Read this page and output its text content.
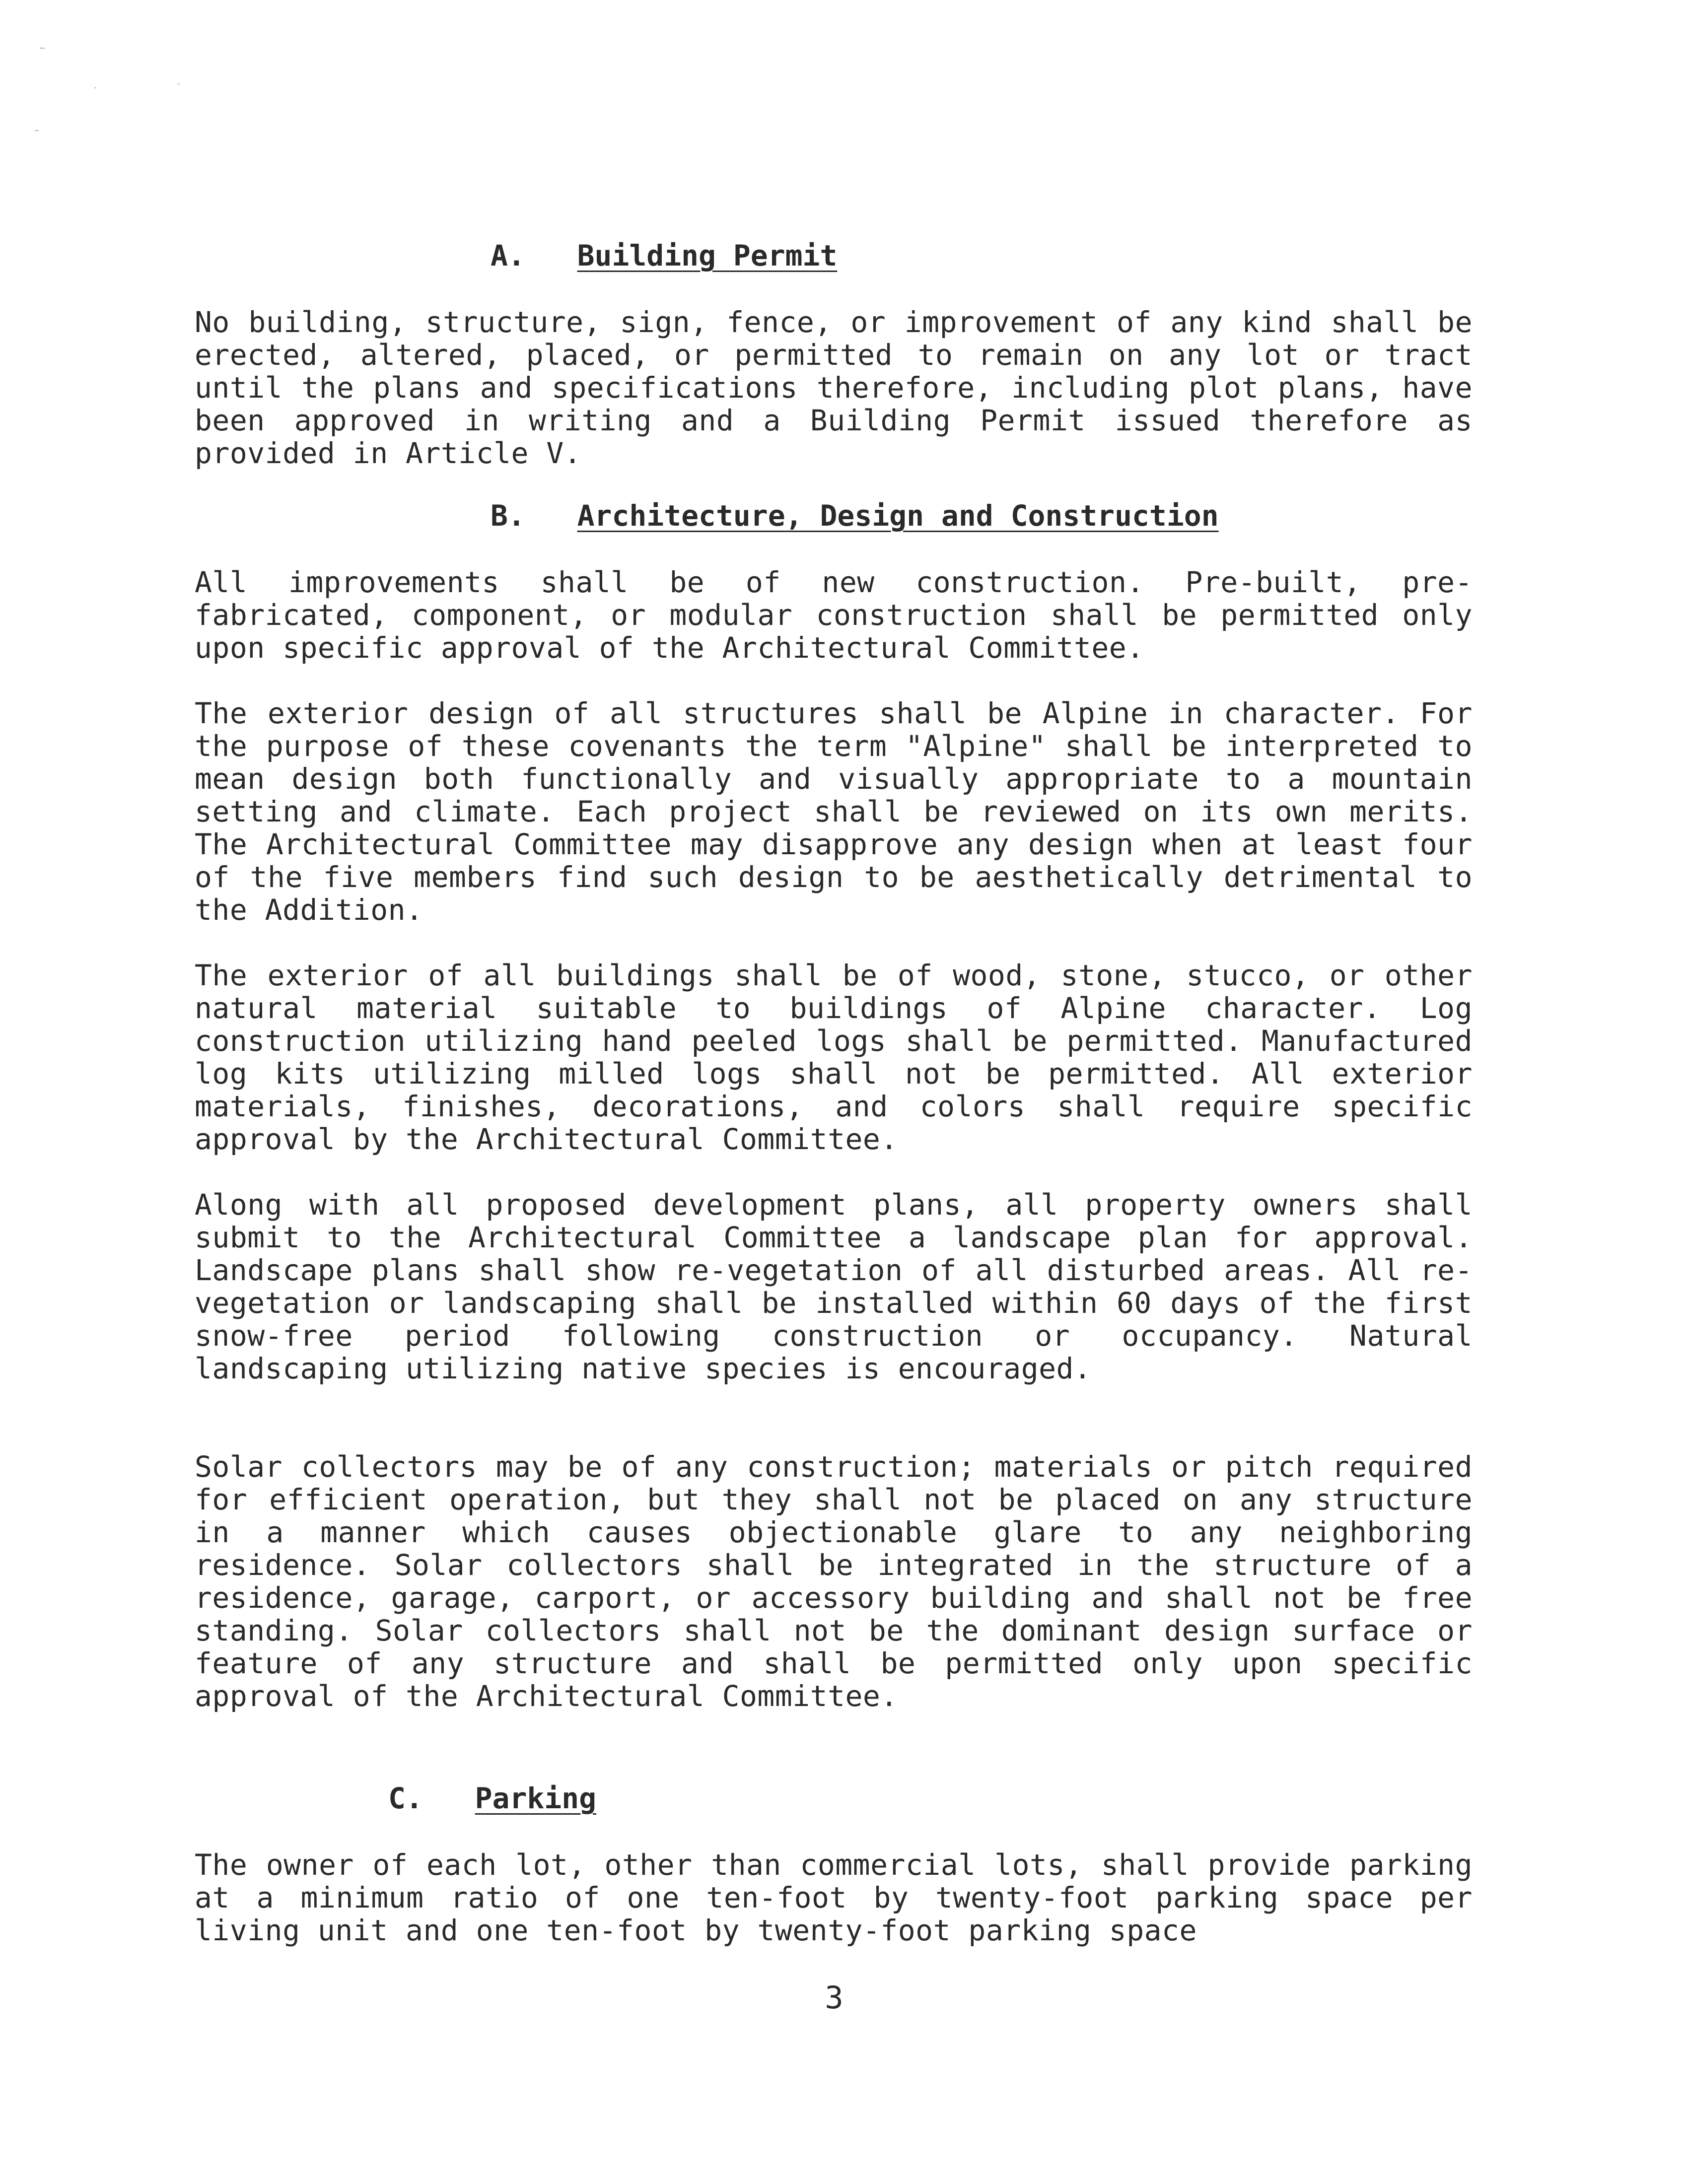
A. Building Permit

No building, structure, sign, fence, or improvement of any kind shall be erected, altered, placed, or permitted to remain on any lot or tract until the plans and specifications therefore, including plot plans, have been approved in writing and a Building Permit issued therefore as provided in Article V.

B. Architecture, Design and Construction

All improvements shall be of new construction. Pre-built, pre-fabricated, component, or modular construction shall be permitted only upon specific approval of the Architectural Committee.

The exterior design of all structures shall be Alpine in character. For the purpose of these covenants the term "Alpine" shall be interpreted to mean design both functionally and visually appropriate to a mountain setting and climate. Each project shall be reviewed on its own merits. The Architectural Committee may disapprove any design when at least four of the five members find such design to be aesthetically detrimental to the Addition.

The exterior of all buildings shall be of wood, stone, stucco, or other natural material suitable to buildings of Alpine character. Log construction utilizing hand peeled logs shall be permitted. Manufactured log kits utilizing milled logs shall not be permitted. All exterior materials, finishes, decorations, and colors shall require specific approval by the Architectural Committee.

Along with all proposed development plans, all property owners shall submit to the Architectural Committee a landscape plan for approval. Landscape plans shall show re-vegetation of all disturbed areas. All re-vegetation or landscaping shall be installed within 60 days of the first snow-free period following construction or occupancy. Natural landscaping utilizing native species is encouraged.

Solar collectors may be of any construction; materials or pitch required for efficient operation, but they shall not be placed on any structure in a manner which causes objectionable glare to any neighboring residence. Solar collectors shall be integrated in the structure of a residence, garage, carport, or accessory building and shall not be free standing. Solar collectors shall not be the dominant design surface or feature of any structure and shall be permitted only upon specific approval of the Architectural Committee.

C. Parking

The owner of each lot, other than commercial lots, shall provide parking at a minimum ratio of one ten-foot by twenty-foot parking space per living unit and one ten-foot by twenty-foot parking space

3
